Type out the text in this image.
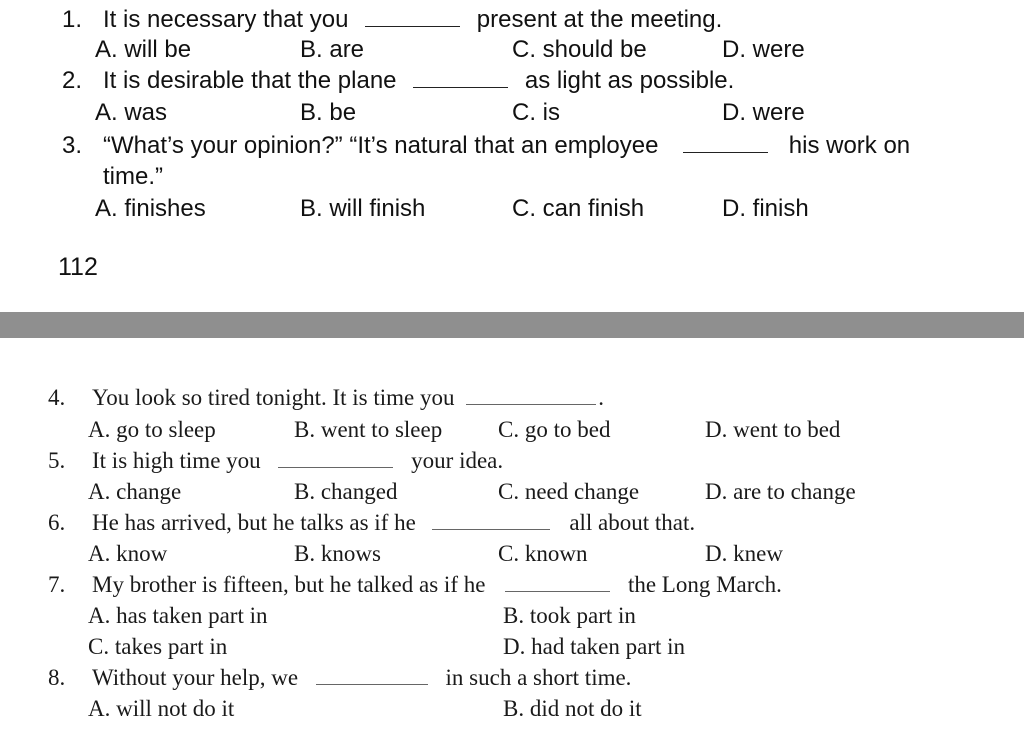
1. It is necessary that you	present at the meeting.
A. will be	B. are	C. should be	D. were
2. It is desirable that the plane	as light as possible.
A. was	B. be	C. is	D. were
3. “What’s your opinion?” “It’s natural that an employee	his work on
time.”
A. finishes	B. will finish	C. can finish	D. finish
112
4. You look so tired tonight. It is time you	.
A. go to sleep	B. went to sleep C. go to bed	D. went to bed
5. It is high time you	your idea.
A. change	B. changed	C. need change	D. are to change
6. He has arrived, but he talks as if he	all about that.
A. know	B. knows	C. known	D. knew
7. My brother is fifteen, but he talked as if he	the Long March.
A. has taken part in	B. took part in
C. takes part in	D. had taken part in
8. Without your help, we	in such a short time.
A. will not do it	B. did not do it
